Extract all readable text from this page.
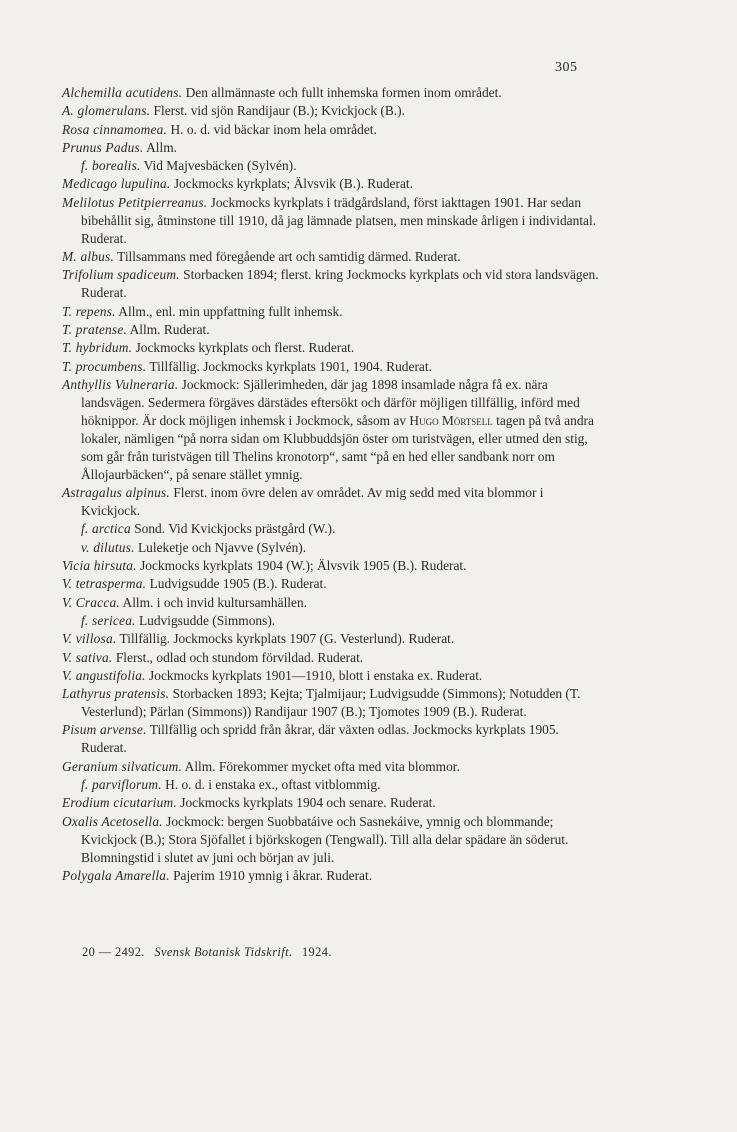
305

Alchemilla acutidens. Den allmännaste och fullt inhemska formen inom området.

A. glomerulans. Flerst. vid sjön Randijaur (B.); Kvickjock (B.).

Rosa cinnamomea. H. o. d. vid bäckar inom hela området.

Prunus Padus. Allm.

f. borealis. Vid Majvesbäcken (Sylvén).

Medicago lupulina. Jockmocks kyrkplats; Älvsvik (B.). Ruderat.

Melilotus Petitpierreanus. Jockmocks kyrkplats i trädgårdsland, först iakttagen 1901. Har sedan bibehållit sig, åtminstone till 1910, då jag lämnade platsen, men minskade årligen i individantal. Ruderat.

M. albus. Tillsammans med föregående art och samtidig därmed. Ruderat.

Trifolium spadiceum. Storbacken 1894; flerst. kring Jockmocks kyrkplats och vid stora landsvägen. Ruderat.

T. repens. Allm., enl. min uppfattning fullt inhemsk.

T. pratense. Allm. Ruderat.

T. hybridum. Jockmocks kyrkplats och flerst. Ruderat.

T. procumbens. Tillfällig. Jockmocks kyrkplats 1901, 1904. Ruderat.

Anthyllis Vulneraria. Jockmock: Själlerimheden, där jag 1898 insamlade några få ex. nära landsvägen. Sedermera förgäves därstädes eftersökt och därför möjligen tillfällig, införd med höknippor. Är dock möjligen inhemsk i Jockmock, såsom av Hugo Mörtsell tagen på två andra lokaler, nämligen “på norra sidan om Klubbuddsjön öster om turistvägen, eller utmed den stig, som går från turistvägen till Thelins kronotorp“, samt “på en hed eller sandbank norr om Ållojaurbäcken“, på senare stället ymnig.

Astragalus alpinus. Flerst. inom övre delen av området. Av mig sedd med vita blommor i Kvickjock.

f. arctica Sond. Vid Kvickjocks prästgård (W.).

v. dilutus. Luleketje och Njavve (Sylvén).

Vicia hirsuta. Jockmocks kyrkplats 1904 (W.); Älvsvik 1905 (B.). Ruderat.

V. tetrasperma. Ludvigsudde 1905 (B.). Ruderat.

V. Cracca. Allm. i och invid kultursamhällen.

f. sericea. Ludvigsudde (Simmons).

V. villosa. Tillfällig. Jockmocks kyrkplats 1907 (G. Vesterlund). Ruderat.

V. sativa. Flerst., odlad och stundom förvildad. Ruderat.

V. angustifolia. Jockmocks kyrkplats 1901—1910, blott i enstaka ex. Ruderat.

Lathyrus pratensis. Storbacken 1893; Kejta; Tjalmijaur; Ludvigsudde (Simmons); Notudden (T. Vesterlund); Pärlan (Simmons)) Randijaur 1907 (B.); Tjomotes 1909 (B.). Ruderat.

Pisum arvense. Tillfällig och spridd från åkrar, där växten odlas. Jockmocks kyrkplats 1905. Ruderat.

Geranium silvaticum. Allm. Förekommer mycket ofta med vita blommor.

f. parviflorum. H. o. d. i enstaka ex., oftast vitblommig.

Erodium cicutarium. Jockmocks kyrkplats 1904 och senare. Ruderat.

Oxalis Acetosella. Jockmock: bergen Suobbatáive och Sasnekáive, ymnig och blommande; Kvickjock (B.); Stora Sjöfallet i björkskogen (Tengwall). Till alla delar spädare än söderut. Blomningstid i slutet av juni och början av juli.

Polygala Amarella. Pajerim 1910 ymnig i åkrar. Ruderat.

20 — 2492. Svensk Botanisk Tidskrift. 1924.
